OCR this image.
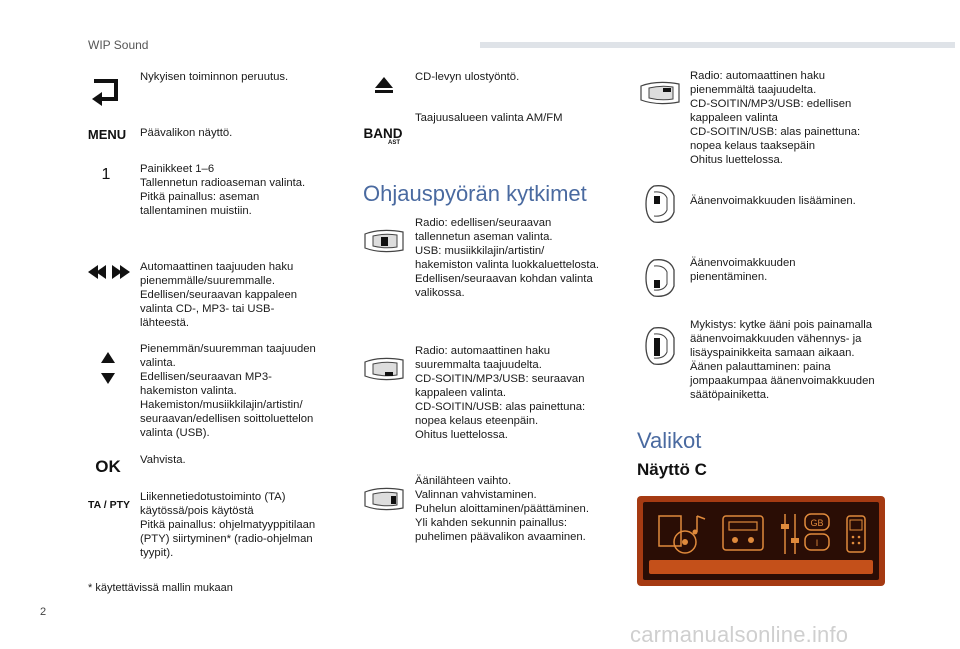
WIP Sound
Nykyisen toiminnon peruutus.
MENU Päävalikon näyttö.
1	Painikkeet 1–6
Tallennetun radioaseman valinta.
Pitkä painallus: aseman
tallentaminen muistiin.
Automaattinen taajuuden haku
pienemmälle/suuremmalle.
Edellisen/seuraavan kappaleen
valinta CD-, MP3- tai USB-
lähteestä.
Pienemmän/suuremman taajuuden
valinta.
Edellisen/seuraavan MP3-
hakemiston valinta.
Hakemiston/musiikkilajin/artistin/
seuraavan/edellisen soittoluettelon
valinta (USB).
OK Vahvista.
TA / PTY
Liikennetiedotustoiminto (TA)
käytössä/pois käytöstä
Pitkä painallus: ohjelmatyyppitilaan
(PTY) siirtyminen* (radio-ohjelman
tyypit).
* käytettävissä mallin mukaan
CD-levyn ulostyöntö.
BAND
AST
Taajuusalueen valinta AM/FM
Ohjauspyörän kytkimet
Radio: edellisen/seuraavan
tallennetun aseman valinta.
USB: musiikkilajin/artistin/
hakemiston valinta luokkaluettelosta.
Edellisen/seuraavan kohdan valinta
valikossa.
Radio: automaattinen haku
suuremmalta taajuudelta.
CD-SOITIN/MP3/USB: seuraavan
kappaleen valinta.
CD-SOITIN/USB: alas painettuna:
nopea kelaus eteenpäin.
Ohitus luettelossa.
Äänilähteen vaihto.
Valinnan vahvistaminen.
Puhelun aloittaminen/päättäminen.
Yli kahden sekunnin painallus:
puhelimen päävalikon avaaminen.
Radio: automaattinen haku
pienemmältä taajuudelta.
CD-SOITIN/MP3/USB: edellisen
kappaleen valinta
CD-SOITIN/USB: alas painettuna:
nopea kelaus taaksepäin
Ohitus luettelossa.
Äänenvoimakkuuden lisääminen.
Äänenvoimakkuuden
pienentäminen.
Mykistys: kytke ääni pois painamalla
äänenvoimakkuuden vähennys- ja
lisäyspainikkeita samaan aikaan.
Äänen palauttaminen: paina
jompaakumpaa äänenvoimakkuuden
säätöpainiketta.
Valikot
Näyttö C
GB
I
2
carmanualsonline.info
